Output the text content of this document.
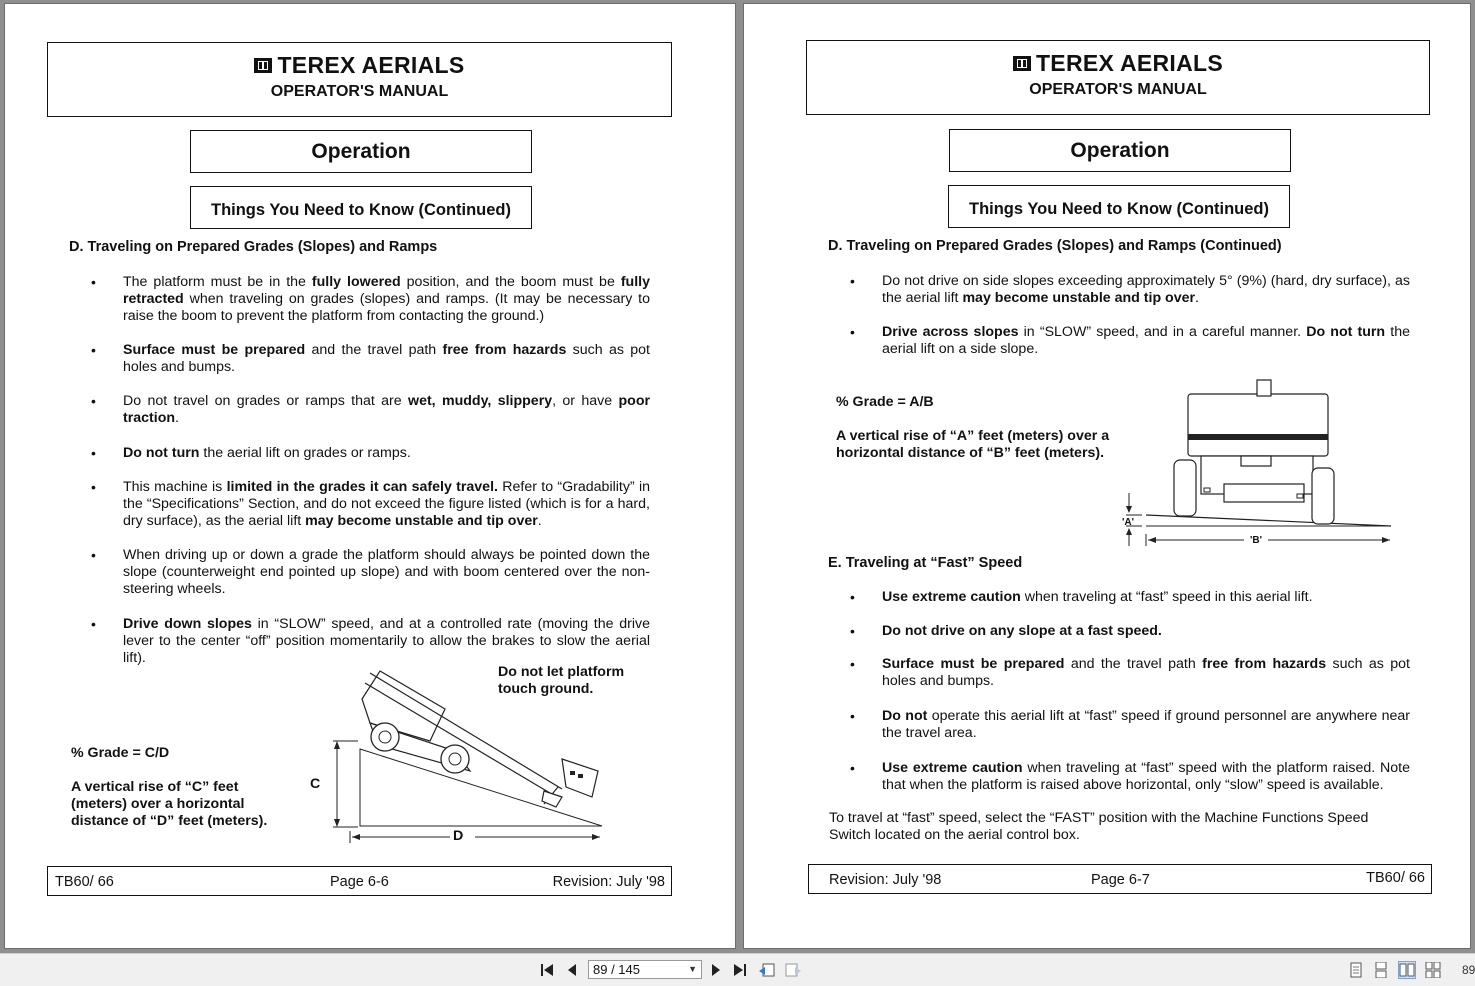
TEREX AERIALS
OPERATOR'S MANUAL
Operation
Things You Need to Know (Continued)
D. Traveling on Prepared Grades (Slopes) and Ramps
• The platform must be in the fully lowered position, and the boom must be fully retracted when traveling on grades (slopes) and ramps. (It may be necessary to raise the boom to prevent the platform from contacting the ground.)
• Surface must be prepared and the travel path free from hazards such as pot holes and bumps.
• Do not travel on grades or ramps that are wet, muddy, slippery, or have poor traction.
• Do not turn the aerial lift on grades or ramps.
• This machine is limited in the grades it can safely travel. Refer to “Gradability” in the “Specifications” Section, and do not exceed the figure listed (which is for a hard, dry surface), as the aerial lift may become unstable and tip over.
• When driving up or down a grade the platform should always be pointed down the slope (counterweight end pointed up slope) and with boom centered over the non-steering wheels.
• Drive down slopes in “SLOW” speed, and at a controlled rate (moving the drive lever to the center “off” position momentarily to allow the brakes to slow the aerial lift).
Do not let platform touch ground.
% Grade = C/D
A vertical rise of “C” feet (meters) over a horizontal distance of “D” feet (meters).
C
D
TB60/ 66	Page 6-6	Revision: July '98
TEREX AERIALS
OPERATOR'S MANUAL
Operation
Things You Need to Know (Continued)
D. Traveling on Prepared Grades (Slopes) and Ramps (Continued)
• Do not drive on side slopes exceeding approximately 5° (9%) (hard, dry surface), as the aerial lift may become unstable and tip over.
• Drive across slopes in “SLOW” speed, and in a careful manner. Do not turn the aerial lift on a side slope.
% Grade = A/B
A vertical rise of “A” feet (meters) over a horizontal distance of “B” feet (meters).
'A'
'B'
E. Traveling at “Fast” Speed
• Use extreme caution when traveling at “fast” speed in this aerial lift.
• Do not drive on any slope at a fast speed.
• Surface must be prepared and the travel path free from hazards such as pot holes and bumps.
• Do not operate this aerial lift at “fast” speed if ground personnel are anywhere near the travel area.
• Use extreme caution when traveling at “fast” speed with the platform raised. Note that when the platform is raised above horizontal, only “slow” speed is available.
To travel at “fast” speed, select the “FAST” position with the Machine Functions Speed Switch located on the aerial control box.
Revision: July '98	Page 6-7	TB60/ 66
89 / 145	▼	89
